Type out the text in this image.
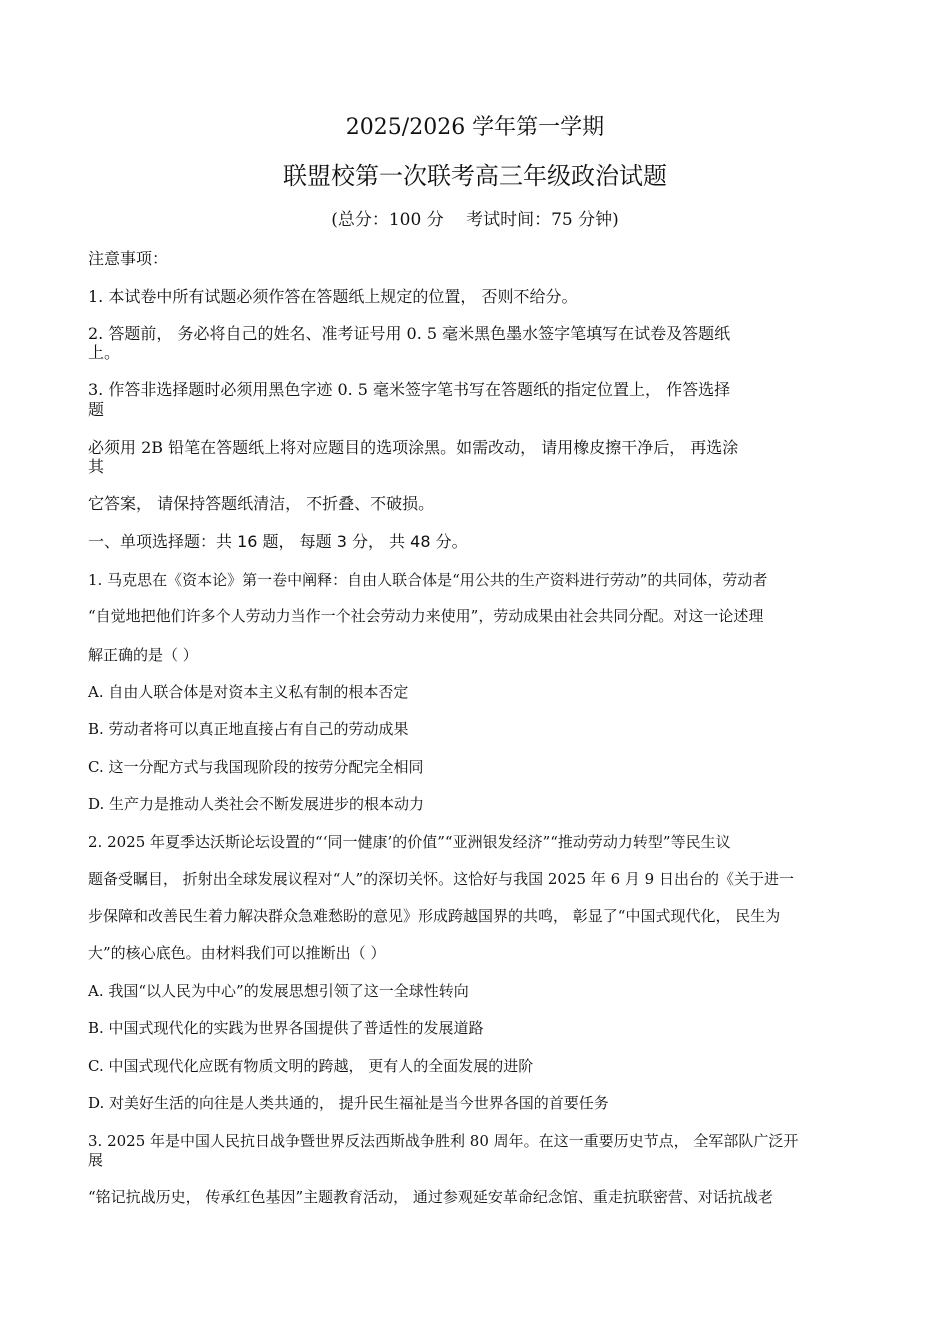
2025/2026 学年第一学期
联盟校第一次联考高三年级政治试题
(总分：100 分　 考试时间：75 分钟)
注意事项：
1. 本试卷中所有试题必须作答在答题纸上规定的位置， 否则不给分。
2. 答题前， 务必将自己的姓名、准考证号用 0. 5 毫米黑色墨水签字笔填写在试卷及答题纸
上。
3. 作答非选择题时必须用黑色字迹 0. 5 毫米签字笔书写在答题纸的指定位置上， 作答选择
题
必须用 2B 铅笔在答题纸上将对应题目的选项涂黑。如需改动， 请用橡皮擦干净后， 再选涂
其
它答案， 请保持答题纸清洁， 不折叠、不破损。
一、单项选择题：共 16 题， 每题 3 分， 共 48 分。
1. 马克思在《资本论》第一卷中阐释：自由人联合体是“用公共的生产资料进行劳动”的共同体，劳动者
“自觉地把他们许多个人劳动力当作一个社会劳动力来使用”，劳动成果由社会共同分配。对这一论述理
解正确的是（ ）
A. 自由人联合体是对资本主义私有制的根本否定
B. 劳动者将可以真正地直接占有自己的劳动成果
C. 这一分配方式与我国现阶段的按劳分配完全相同
D. 生产力是推动人类社会不断发展进步的根本动力
2. 2025 年夏季达沃斯论坛设置的“‘同一健康’的价值”“亚洲银发经济”“推动劳动力转型”等民生议
题备受瞩目， 折射出全球发展议程对“人”的深切关怀。这恰好与我国 2025 年 6 月 9 日出台的《关于进一
步保障和改善民生着力解决群众急难愁盼的意见》形成跨越国界的共鸣， 彰显了“中国式现代化， 民生为
大”的核心底色。由材料我们可以推断出（ ）
A. 我国“以人民为中心”的发展思想引领了这一全球性转向
B. 中国式现代化的实践为世界各国提供了普适性的发展道路
C. 中国式现代化应既有物质文明的跨越， 更有人的全面发展的进阶
D. 对美好生活的向往是人类共通的， 提升民生福祉是当今世界各国的首要任务
3. 2025 年是中国人民抗日战争暨世界反法西斯战争胜利 80 周年。在这一重要历史节点， 全军部队广泛开
展
“铭记抗战历史， 传承红色基因”主题教育活动， 通过参观延安革命纪念馆、重走抗联密营、对话抗战老
